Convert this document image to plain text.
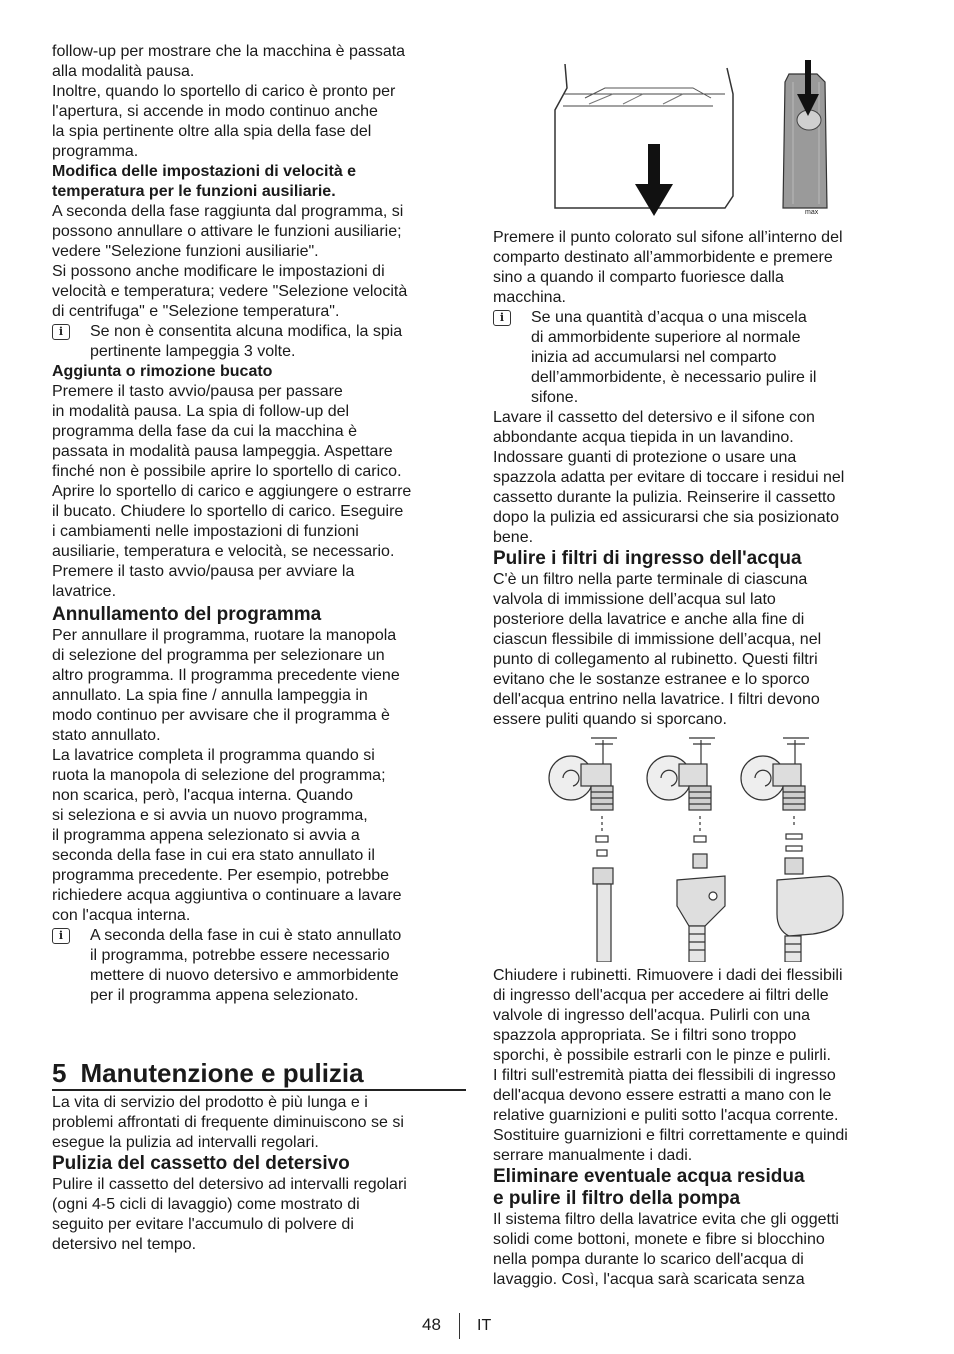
follow-up per mostrare che la macchina è passata
alla modalità pausa.
Inoltre, quando lo sportello di carico è pronto per
l'apertura, si accende in modo continuo anche
la spia pertinente oltre alla spia della fase del
programma.
Modifica delle impostazioni di velocità e
temperatura per le funzioni ausiliarie.
A seconda della fase raggiunta dal programma, si
possono annullare o attivare le funzioni ausiliarie;
vedere "Selezione funzioni ausiliarie".
Si possono anche modificare le impostazioni di
velocità e temperatura; vedere "Selezione velocità
di centrifuga" e "Selezione temperatura".
i	Se non è consentita alcuna modifica, la spia
pertinente lampeggia 3 volte.
Aggiunta o rimozione bucato
Premere il tasto avvio/pausa per passare
in modalità pausa. La spia di follow-up del
programma della fase da cui la macchina è
passata in modalità pausa lampeggia. Aspettare
finché non è possibile aprire lo sportello di carico.
Aprire lo sportello di carico e aggiungere o estrarre
il bucato. Chiudere lo sportello di carico. Eseguire
i cambiamenti nelle impostazioni di funzioni
ausiliarie, temperatura e velocità, se necessario.
Premere il tasto avvio/pausa per avviare la
lavatrice.
Annullamento del programma
Per annullare il programma, ruotare la manopola
di selezione del programma per selezionare un
altro programma. Il programma precedente viene
annullato. La spia fine / annulla lampeggia in
modo continuo per avvisare che il programma è
stato annullato.
La lavatrice completa il programma quando si
ruota la manopola di selezione del programma;
non scarica, però, l'acqua interna. Quando
si seleziona e si avvia un nuovo programma,
il programma appena selezionato si avvia a
seconda della fase in cui era stato annullato il
programma precedente. Per esempio, potrebbe
richiedere acqua aggiuntiva o continuare a lavare
con l'acqua interna.
i	A seconda della fase in cui è stato annullato
il programma, potrebbe essere necessario
mettere di nuovo detersivo e ammorbidente
per il programma appena selezionato.
5 Manutenzione e pulizia
La vita di servizio del prodotto è più lunga e i
problemi affrontati di frequente diminuiscono se si
esegue la pulizia ad intervalli regolari.
Pulizia del cassetto del detersivo
Pulire il cassetto del detersivo ad intervalli regolari
(ogni 4-5 cicli di lavaggio) come mostrato di
seguito per evitare l'accumulo di polvere di
detersivo nel tempo.
max
Premere il punto colorato sul sifone all’interno del
comparto destinato all’ammorbidente e premere
sino a quando il comparto fuoriesce dalla
macchina.
i	Se una quantità d’acqua o una miscela
di ammorbidente superiore al normale
inizia ad accumularsi nel comparto
dell’ammorbidente, è necessario pulire il
sifone.
Lavare il cassetto del detersivo e il sifone con
abbondante acqua tiepida in un lavandino.
Indossare guanti di protezione o usare una
spazzola adatta per evitare di toccare i residui nel
cassetto durante la pulizia. Reinserire il cassetto
dopo la pulizia ed assicurarsi che sia posizionato
bene.
Pulire i filtri di ingresso dell'acqua
C'è un filtro nella parte terminale di ciascuna
valvola di immissione dell’acqua sul lato
posteriore della lavatrice e anche alla fine di
ciascun flessibile di immissione dell’acqua, nel
punto di collegamento al rubinetto. Questi filtri
evitano che le sostanze estranee e lo sporco
dell'acqua entrino nella lavatrice. I filtri devono
essere puliti quando si sporcano.
Chiudere i rubinetti. Rimuovere i dadi dei flessibili
di ingresso dell'acqua per accedere ai filtri delle
valvole di ingresso dell'acqua. Pulirli con una
spazzola appropriata. Se i filtri sono troppo
sporchi, è possibile estrarli con le pinze e pulirli.
I filtri sull'estremità piatta dei flessibili di ingresso
dell'acqua devono essere estratti a mano con le
relative guarnizioni e puliti sotto l'acqua corrente.
Sostituire guarnizioni e filtri correttamente e quindi
serrare manualmente i dadi.
Eliminare eventuale acqua residua
e pulire il filtro della pompa
Il sistema filtro della lavatrice evita che gli oggetti
solidi come bottoni, monete e fibre si blocchino
nella pompa durante lo scarico dell'acqua di
lavaggio. Così, l'acqua sarà scaricata senza
48 IT
